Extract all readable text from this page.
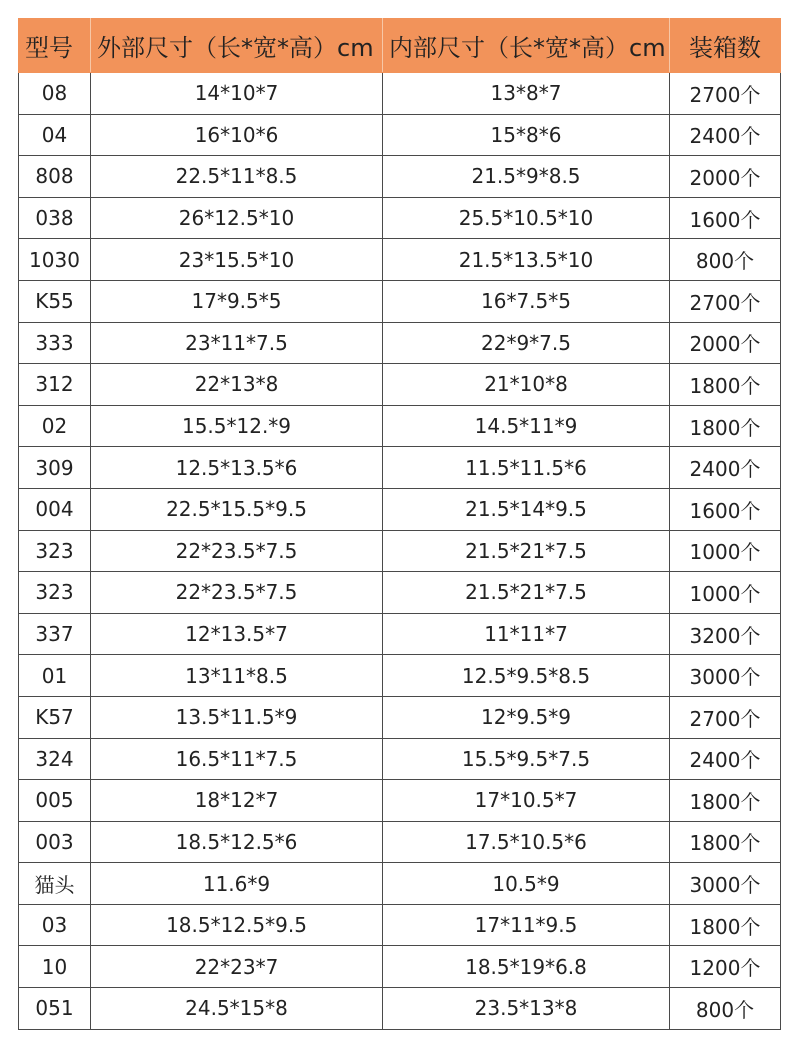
型号	外部尺寸（长*宽*高）cm	内部尺寸（长*宽*高）cm	装箱数
08	14*10*7	13*8*7	2700个
04	16*10*6	15*8*6	2400个
808	22.5*11*8.5	21.5*9*8.5	2000个
038	26*12.5*10	25.5*10.5*10	1600个
1030	23*15.5*10	21.5*13.5*10	800个
K55	17*9.5*5	16*7.5*5	2700个
333	23*11*7.5	22*9*7.5	2000个
312	22*13*8	21*10*8	1800个
02	15.5*12.*9	14.5*11*9	1800个
309	12.5*13.5*6	11.5*11.5*6	2400个
004	22.5*15.5*9.5	21.5*14*9.5	1600个
323	22*23.5*7.5	21.5*21*7.5	1000个
323	22*23.5*7.5	21.5*21*7.5	1000个
337	12*13.5*7	11*11*7	3200个
01	13*11*8.5	12.5*9.5*8.5	3000个
K57	13.5*11.5*9	12*9.5*9	2700个
324	16.5*11*7.5	15.5*9.5*7.5	2400个
005	18*12*7	17*10.5*7	1800个
003	18.5*12.5*6	17.5*10.5*6	1800个
猫头	11.6*9	10.5*9	3000个
03	18.5*12.5*9.5	17*11*9.5	1800个
10	22*23*7	18.5*19*6.8	1200个
051	24.5*15*8	23.5*13*8	800个
